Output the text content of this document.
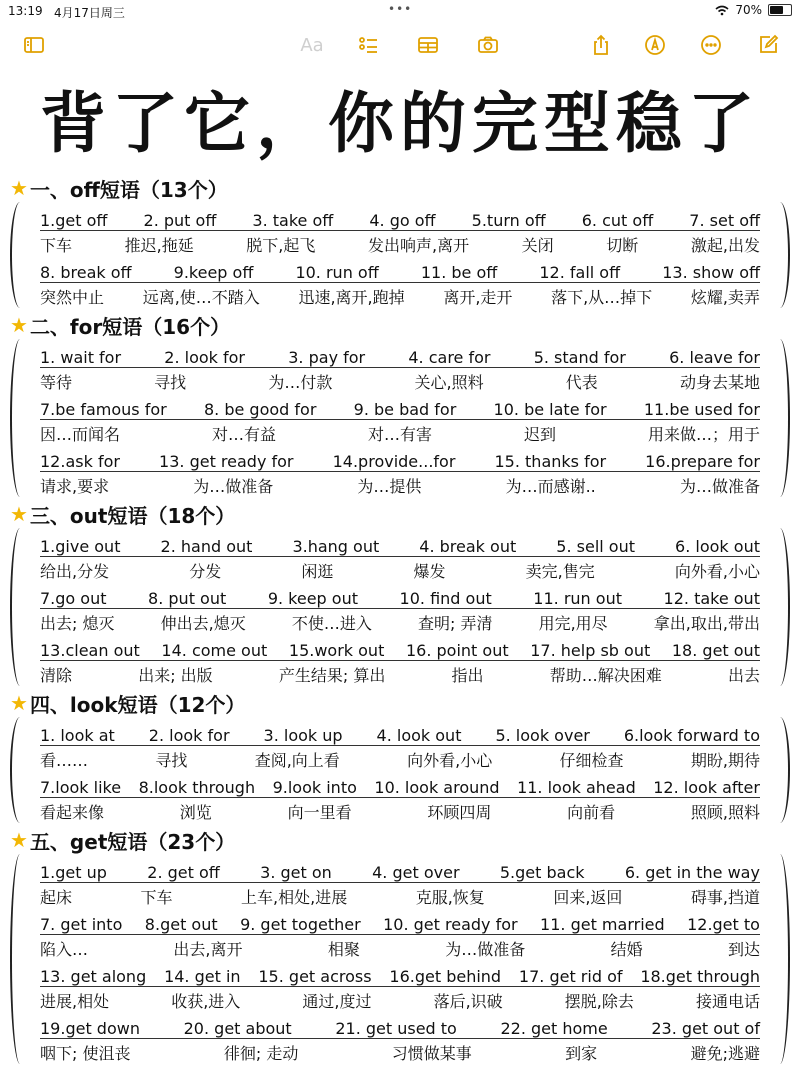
13:19 4月17日周三	•••	70%
Aa
背了它，你的完型稳了
★ 一、off短语（13个）
1.get off 2. put off 3. take off 4. go off 5.turn off 6. cut off 7. set off
下车	推迟,拖延	脱下,起飞	发出响声,离开	关闭	切断	激起,出发
8. break off	9.keep off	10. run off	11. be off	12. fall off	13. show off
突然中止 远离,使…不踏入 迅速,离开,跑掉 离开,走开 落下,从…掉下 炫耀,卖弄
★ 二、for短语（16个）
1. wait for	2. look for	3. pay for	4. care for	5. stand for	6. leave for
等待	寻找	为…付款	关心,照料	代表	动身去某地
7.be famous for 8. be good for 9. be bad for 10. be late for 11.be used for
因…而闻名	对…有益	对…有害	迟到	用来做…；用于
12.ask for 13. get ready for 14.provide...for 15. thanks for 16.prepare for
请求,要求	为…做准备	为…提供	为…而感谢..	为…做准备
★ 三、out短语（18个）
1.give out	2. hand out	3.hang out	4. break out	5. sell out	6. look out
给出,分发	分发	闲逛	爆发	卖完,售完	向外看,小心
7.go out	8. put out	9. keep out	10. find out	11. run out	12. take out
出去; 熄灭	伸出去,熄灭	不使…进入	查明; 弄清	用完,用尽	拿出,取出,带出
13.clean out 14. come out 15.work out 16. point out 17. help sb out 18. get out
清除	出来; 出版	产生结果; 算出	指出	帮助…解决困难	出去
★ 四、look短语（12个）
1. look at 2. look for 3. look up 4. look out 5. look over 6.look forward to
看……	寻找	查阅,向上看	向外看,小心	仔细检查	期盼,期待
7.look like 8.look through 9.look into 10. look around 11. look ahead 12. look after
看起来像	浏览	向一里看	环顾四周	向前看	照顾,照料
★ 五、get短语（23个）
1.get up	2. get off	3. get on	4. get over	5.get back	6. get in the way
起床	下车	上车,相处,进展	克服,恢复	回来,返回	碍事,挡道
7. get into 8.get out 9. get together 10. get ready for 11. get married 12.get to
陷入…	出去,离开	相聚	为…做准备	结婚	到达
13. get along 14. get in 15. get across 16.get behind 17. get rid of 18.get through
进展,相处	收获,进入	通过,度过	落后,识破	摆脱,除去	接通电话
19.get down	20. get about	21. get used to	22. get home	23. get out of
咽下; 使沮丧	徘徊; 走动	习惯做某事	到家	避免;逃避
